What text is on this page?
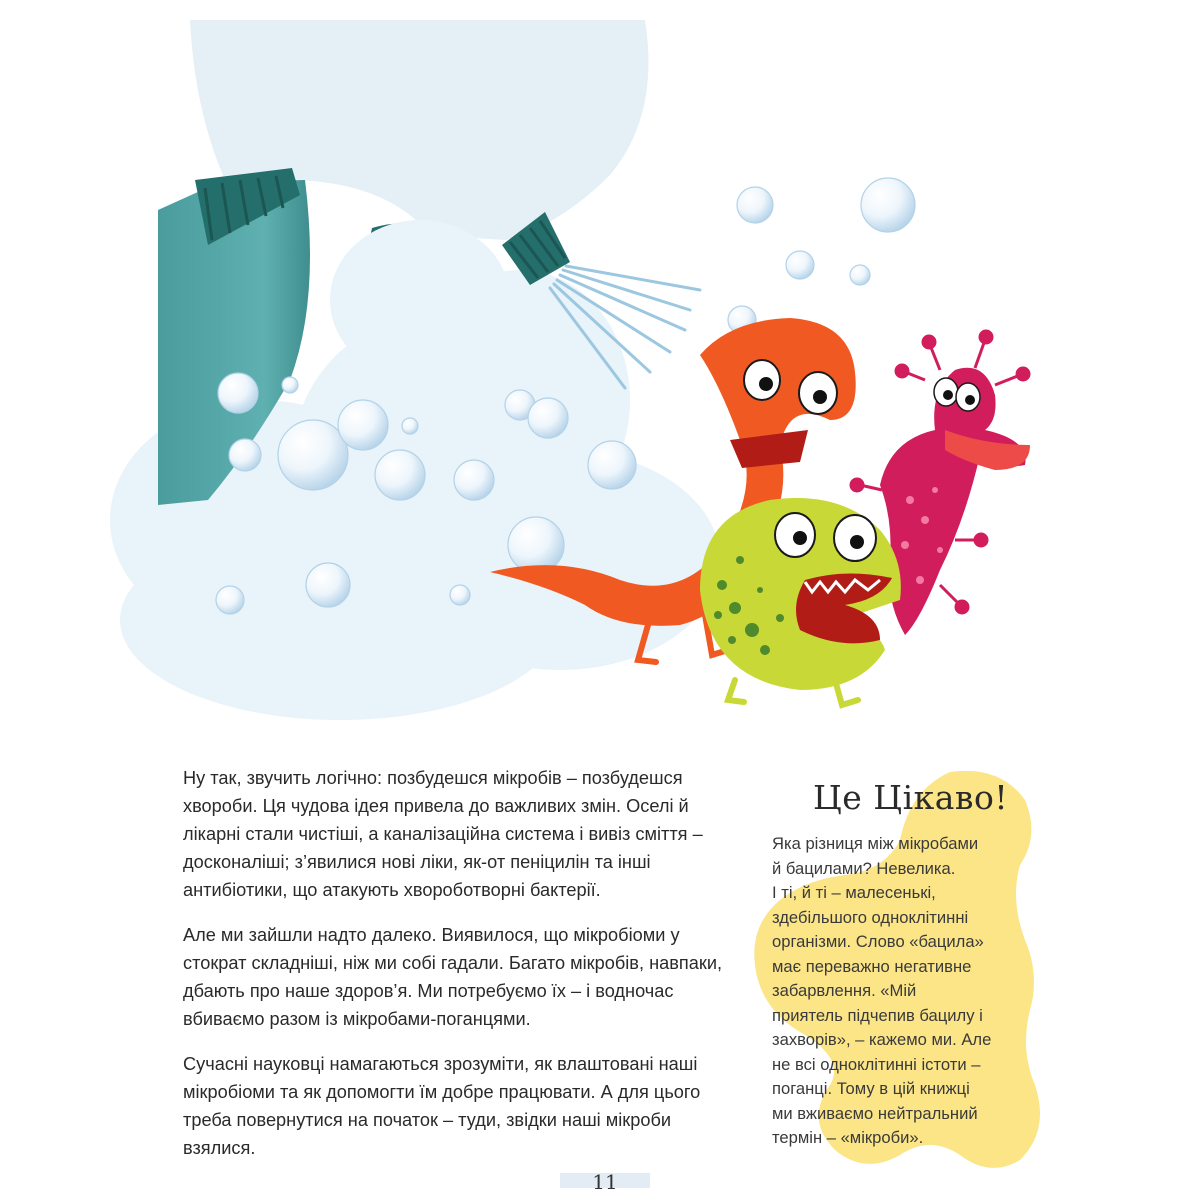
Ну так, звучить логічно: позбудешся мікробів – позбудешся хвороби. Ця чудова ідея привела до важливих змін. Оселі й лікарні стали чистіші, а каналізаційна система і вивіз сміття – досконаліші; з’явилися нові ліки, як-от пеніцилін та інші антибіотики, що атакують хвороботворні бактерії.

Але ми зайшли надто далеко. Виявилося, що мікробіоми у стократ складніші, ніж ми собі гадали. Багато мікробів, навпаки, дбають про наше здоров’я. Ми потребуємо їх – і водночас вбиваємо разом із мікробами-поганцями.

Сучасні науковці намагаються зрозуміти, як влаштовані наші мікробіоми та як допомогти їм добре працювати. А для цього треба повернутися на початок – туди, звідки наші мікроби взялися.

Це Цікаво!
Яка різниця між мікробами
й бацилами? Невелика.
І ті, й ті – малесенькі,
здебільшого одноклітинні
організми. Слово «бацила»
має переважно негативне
забарвлення. «Мій
приятель підчепив бацилу і
захворів», – кажемо ми. Але
не всі одноклітинні істоти –
поганці. Тому в цій книжці
ми вживаємо нейтральний
термін – «мікроби».
11
